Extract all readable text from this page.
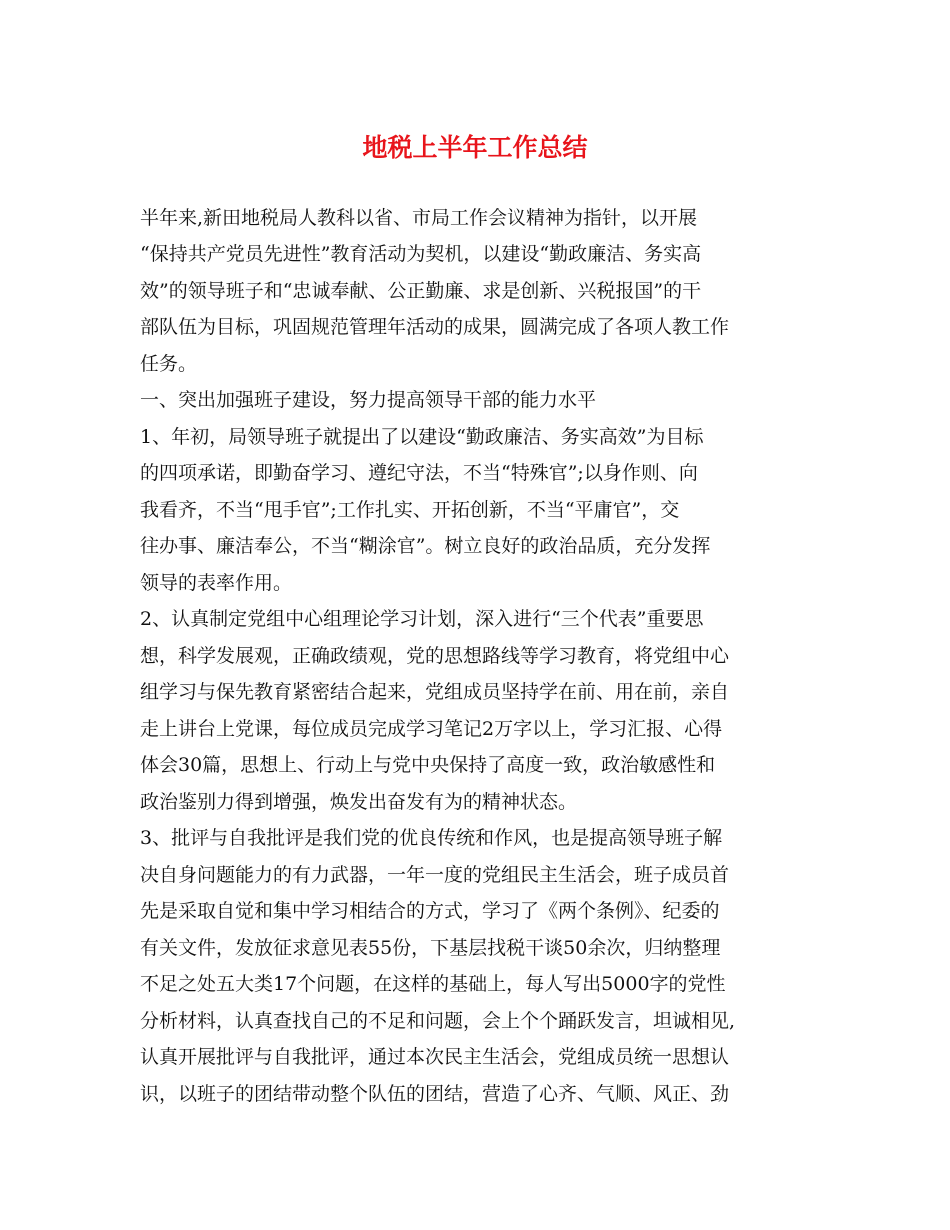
地税上半年工作总结
半年来,新田地税局人教科以省、市局工作会议精神为指针，以开展
“保持共产党员先进性”教育活动为契机，以建设“勤政廉洁、务实高
效”的领导班子和“忠诚奉献、公正勤廉、求是创新、兴税报国”的干
部队伍为目标，巩固规范管理年活动的成果，圆满完成了各项人教工作
任务。
一、突出加强班子建设，努力提高领导干部的能力水平
1、年初，局领导班子就提出了以建设“勤政廉洁、务实高效”为目标
的四项承诺，即勤奋学习、遵纪守法，不当“特殊官”;以身作则、向
我看齐，不当“甩手官”;工作扎实、开拓创新，不当“平庸官”，交
往办事、廉洁奉公，不当“糊涂官”。树立良好的政治品质，充分发挥
领导的表率作用。
2、认真制定党组中心组理论学习计划，深入进行“三个代表”重要思
想，科学发展观，正确政绩观，党的思想路线等学习教育，将党组中心
组学习与保先教育紧密结合起来，党组成员坚持学在前、用在前，亲自
走上讲台上党课，每位成员完成学习笔记2万字以上，学习汇报、心得
体会30篇，思想上、行动上与党中央保持了高度一致，政治敏感性和
政治鉴别力得到增强，焕发出奋发有为的精神状态。
3、批评与自我批评是我们党的优良传统和作风，也是提高领导班子解
决自身问题能力的有力武器，一年一度的党组民主生活会，班子成员首
先是采取自觉和集中学习相结合的方式，学习了《两个条例》、纪委的
有关文件，发放征求意见表55份，下基层找税干谈50余次，归纳整理
不足之处五大类17个问题，在这样的基础上，每人写出5000字的党性
分析材料，认真查找自己的不足和问题，会上个个踊跃发言，坦诚相见,
认真开展批评与自我批评，通过本次民主生活会，党组成员统一思想认
识，以班子的团结带动整个队伍的团结，营造了心齐、气顺、风正、劲
